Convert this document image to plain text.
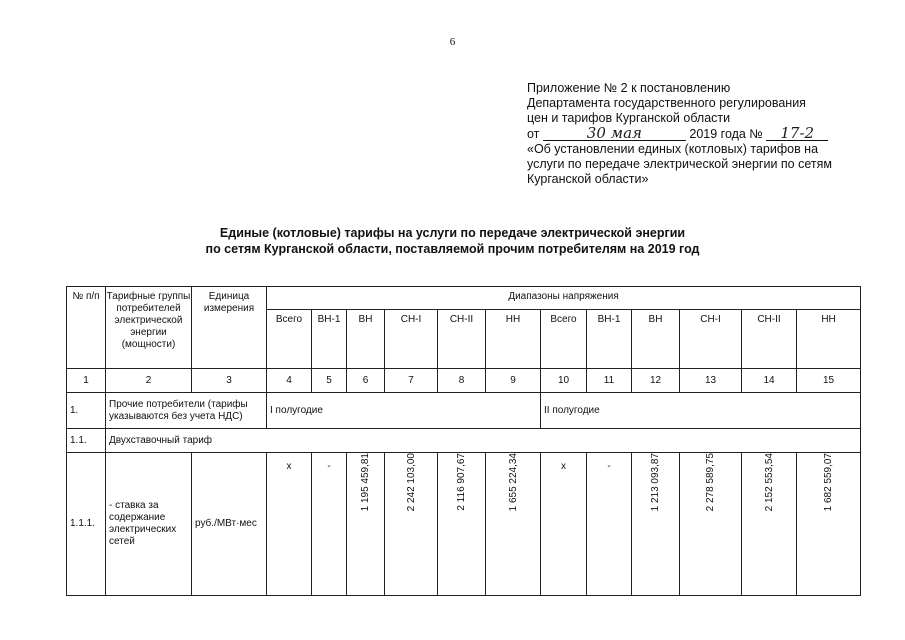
6
Приложение № 2 к постановлению
Департамента государственного регулирования
цен и тарифов Курганской области
от	30 мая	2019 года № 17-2
«Об установлении единых (котловых) тарифов на
услуги по передаче электрической энергии по сетям
Курганской области»
Единые (котловые) тарифы на услуги по передаче электрической энергии
по сетям Курганской области, поставляемой прочим потребителям на 2019 год
№ п/п	Тарифные группы потребителей электрической энергии (мощности)	Единица измерения	Диапазоны напряжения											
			Всего	ВН-1	ВН	СН-I	СН-II	НН	Всего	ВН-1	ВН	СН-I	СН-II	НН
1	2	3	4	5	6	7	8	9	10	11	12	13	14	15
1.	Прочие потребители (тарифы указываются без учета НДС)		I полугодие						II полугодие					
1.1.	Двухставочный тариф													
1.1.1.	- ставка за содержание электрических сетей	руб./МВт·мес	x	-	1 195 459,81	2 242 103,00	2 116 907,67	1 655 224,34	x	-	1 213 093,87	2 278 589,75	2 152 553,54	1 682 559,07
